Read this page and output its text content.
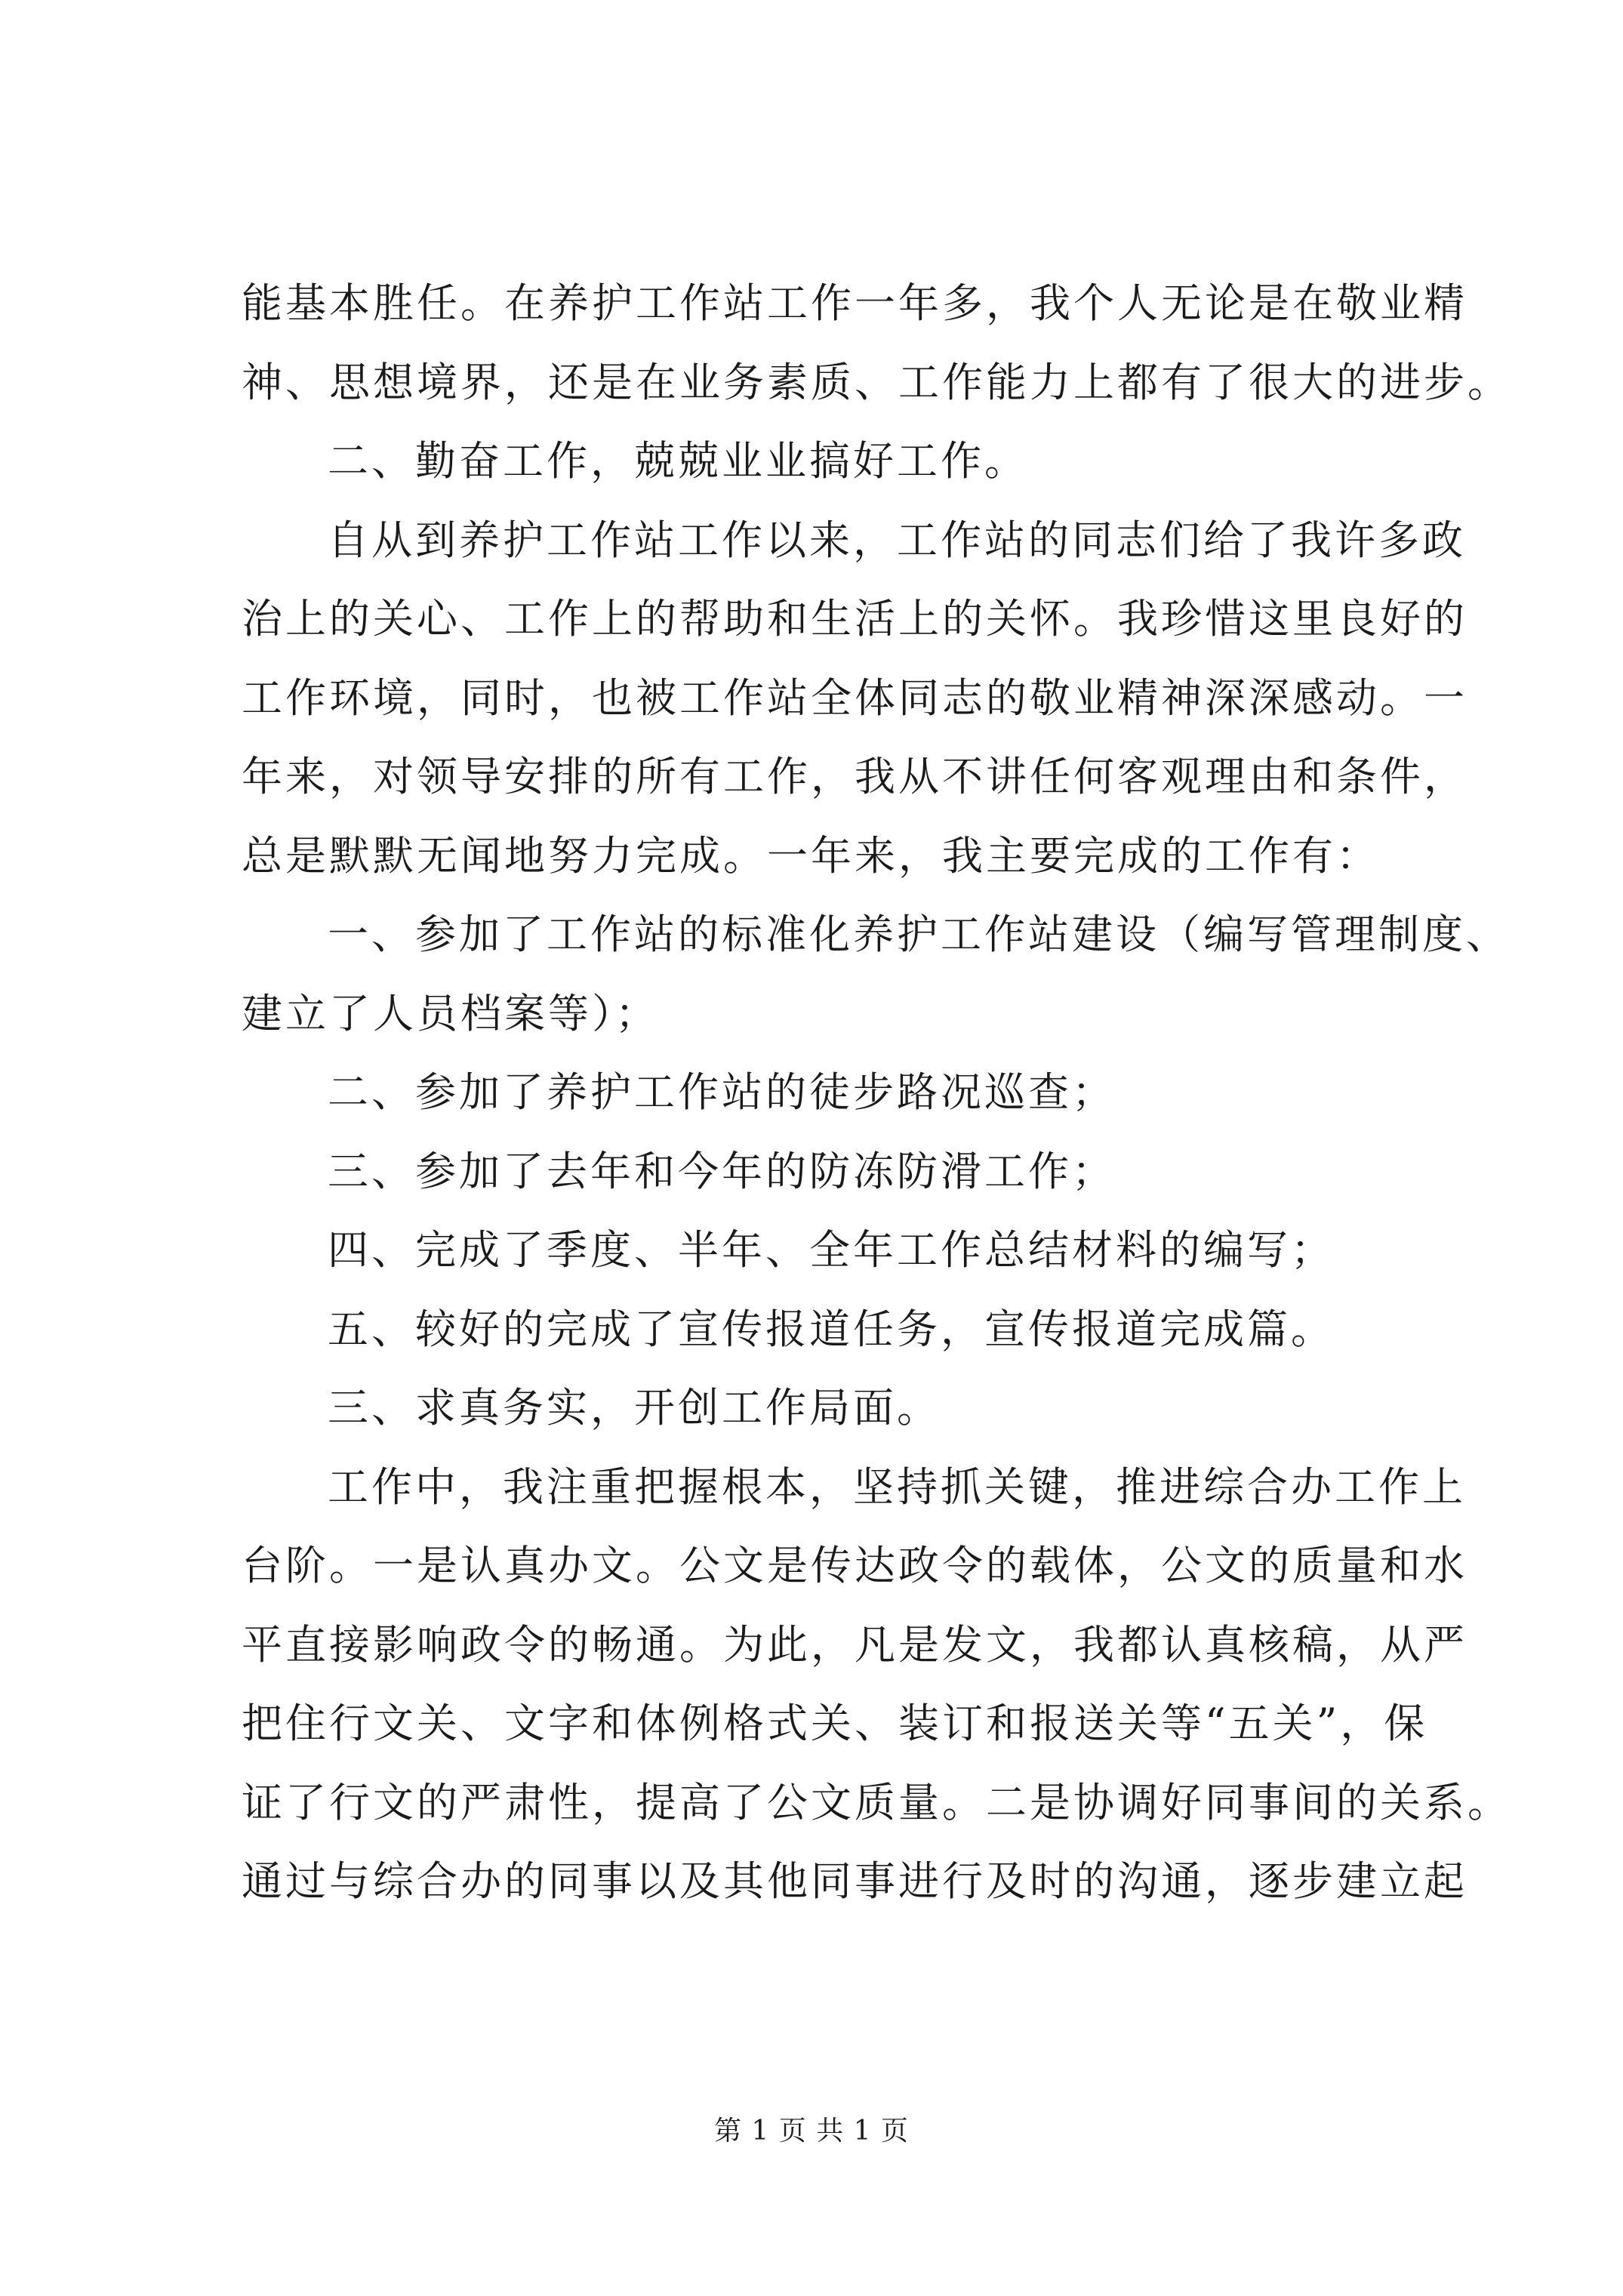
能基本胜任。在养护工作站工作一年多，我个人无论是在敬业精
神、思想境界，还是在业务素质、工作能力上都有了很大的进步。
二、勤奋工作，兢兢业业搞好工作。
自从到养护工作站工作以来，工作站的同志们给了我许多政
治上的关心、工作上的帮助和生活上的关怀。我珍惜这里良好的
工作环境，同时，也被工作站全体同志的敬业精神深深感动。一
年来，对领导安排的所有工作，我从不讲任何客观理由和条件，
总是默默无闻地努力完成。一年来，我主要完成的工作有：
一、参加了工作站的标准化养护工作站建设（编写管理制度、
建立了人员档案等）；
二、参加了养护工作站的徒步路况巡查；
三、参加了去年和今年的防冻防滑工作；
四、完成了季度、半年、全年工作总结材料的编写；
五、较好的完成了宣传报道任务，宣传报道完成篇。
三、求真务实，开创工作局面。
工作中，我注重把握根本，坚持抓关键，推进综合办工作上
台阶。一是认真办文。公文是传达政令的载体，公文的质量和水
平直接影响政令的畅通。为此，凡是发文，我都认真核稿，从严
把住行文关、文字和体例格式关、装订和报送关等“五关”，保
证了行文的严肃性，提高了公文质量。二是协调好同事间的关系。
通过与综合办的同事以及其他同事进行及时的沟通，逐步建立起
第 1 页 共 1 页
